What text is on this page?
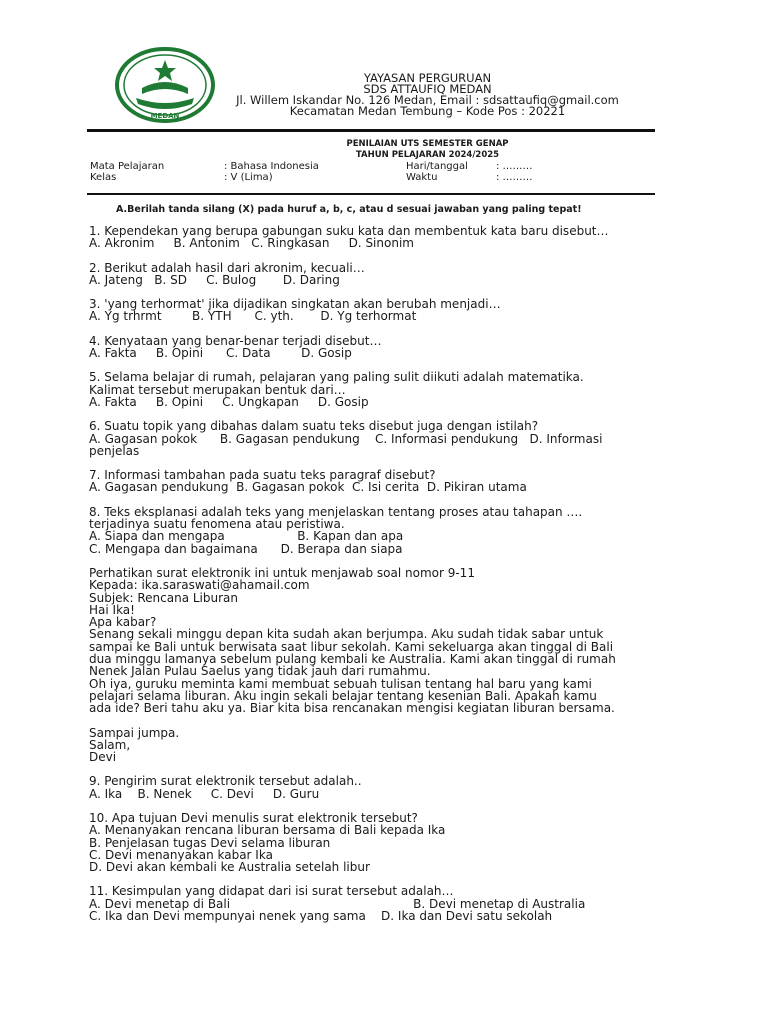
MEDAN
YAYASAN PERGURUAN
SDS ATTAUFIQ MEDAN
Jl. Willem Iskandar No. 126 Medan, Email : sdsattaufiq@gmail.com
Kecamatan Medan Tembung – Kode Pos : 20221
PENILAIAN UTS SEMESTER GENAP
TAHUN PELAJARAN 2024/2025
Mata Pelajaran	: Bahasa Indonesia	Hari/tanggal	: ………
Kelas	: V (Lima)	Waktu	: ………
A.Berilah tanda silang (X) pada huruf a, b, c, atau d sesuai jawaban yang paling tepat!
1. Kependekan yang berupa gabungan suku kata dan membentuk kata baru disebut…
A. Akronim     B. Antonim   C. Ringkasan     D. Sinonim
2. Berikut adalah hasil dari akronim, kecuali…
A. Jateng   B. SD     C. Bulog       D. Daring
3. 'yang terhormat' jika dijadikan singkatan akan berubah menjadi…
A. Yg trhrmt        B. YTH      C. yth.       D. Yg terhormat
4. Kenyataan yang benar-benar terjadi disebut…
A. Fakta     B. Opini      C. Data        D. Gosip
5. Selama belajar di rumah, pelajaran yang paling sulit diikuti adalah matematika.
Kalimat tersebut merupakan bentuk dari…
A. Fakta     B. Opini     C. Ungkapan     D. Gosip
6. Suatu topik yang dibahas dalam suatu teks disebut juga dengan istilah?
A. Gagasan pokok      B. Gagasan pendukung    C. Informasi pendukung   D. Informasi
penjelas
7. Informasi tambahan pada suatu teks paragraf disebut?
A. Gagasan pendukung  B. Gagasan pokok  C. Isi cerita  D. Pikiran utama
8. Teks eksplanasi adalah teks yang menjelaskan tentang proses atau tahapan ….
terjadinya suatu fenomena atau peristiwa.
A. Siapa dan mengapa                   B. Kapan dan apa
C. Mengapa dan bagaimana      D. Berapa dan siapa
Perhatikan surat elektronik ini untuk menjawab soal nomor 9-11
Kepada: ika.saraswati@ahamail.com
Subjek: Rencana Liburan
Hai Ika!
Apa kabar?
Senang sekali minggu depan kita sudah akan berjumpa. Aku sudah tidak sabar untuk
sampai ke Bali untuk berwisata saat libur sekolah. Kami sekeluarga akan tinggal di Bali
dua minggu lamanya sebelum pulang kembali ke Australia. Kami akan tinggal di rumah
Nenek Jalan Pulau Saelus yang tidak jauh dari rumahmu.
Oh iya, guruku meminta kami membuat sebuah tulisan tentang hal baru yang kami
pelajari selama liburan. Aku ingin sekali belajar tentang kesenian Bali. Apakah kamu
ada ide? Beri tahu aku ya. Biar kita bisa rencanakan mengisi kegiatan liburan bersama.
Sampai jumpa.
Salam,
Devi
9. Pengirim surat elektronik tersebut adalah..
A. Ika    B. Nenek     C. Devi     D. Guru
10. Apa tujuan Devi menulis surat elektronik tersebut?
A. Menanyakan rencana liburan bersama di Bali kepada Ika
B. Penjelasan tugas Devi selama liburan
C. Devi menanyakan kabar Ika
D. Devi akan kembali ke Australia setelah libur
11. Kesimpulan yang didapat dari isi surat tersebut adalah…
A. Devi menetap di Bali                                                B. Devi menetap di Australia
C. Ika dan Devi mempunyai nenek yang sama    D. Ika dan Devi satu sekolah
